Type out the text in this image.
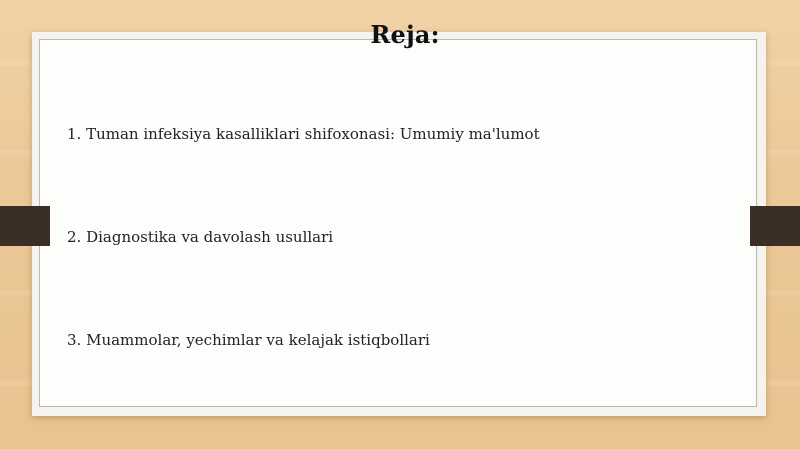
Reja:
1. Tuman infeksiya kasalliklari shifoxonasi: Umumiy ma'lumot
2. Diagnostika va davolash usullari
3. Muammolar, yechimlar va kelajak istiqbollari
